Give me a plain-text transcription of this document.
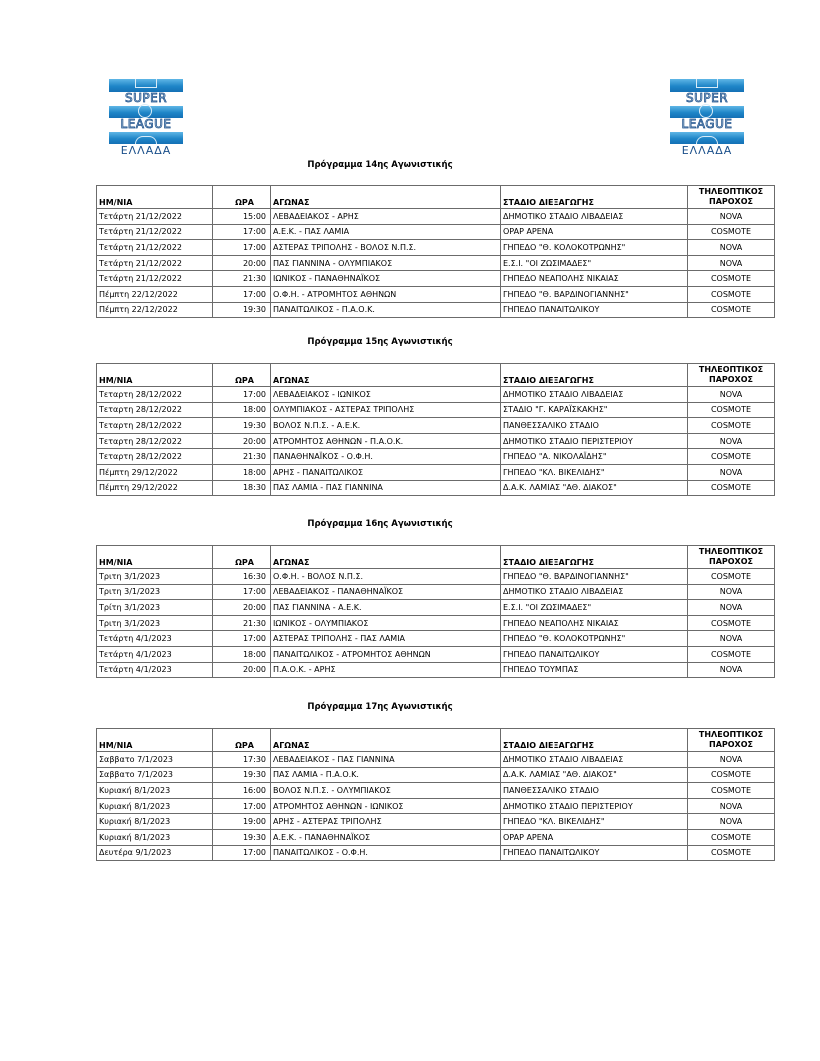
SUPER
LEAGUE
ΕΛΛΑΔΑ
SUPER
LEAGUE
ΕΛΛΑΔΑ
Πρόγραμμα 14ης Αγωνιστικής
ΗΜ/ΝΙΑ	ΩΡΑ	ΑΓΩΝΑΣ	ΣΤΑΔΙΟ ΔΙΕΞΑΓΩΓΗΣ	ΤΗΛΕΟΠΤΙΚΟΣ
ΠΑΡΟΧΟΣ

Τετάρτη 21/12/2022	15:00	ΛΕΒΑΔΕΙΑΚΟΣ - ΑΡΗΣ	ΔΗΜΟΤΙΚΟ ΣΤΑΔΙΟ ΛΙΒΑΔΕΙΑΣ	NOVA
Τετάρτη 21/12/2022	17:00	Α.Ε.Κ. - ΠΑΣ ΛΑΜΙΑ	OPAP ΑΡΕΝΑ	COSMOTE
Τετάρτη 21/12/2022	17:00	ΑΣΤΕΡΑΣ ΤΡΙΠΟΛΗΣ - ΒΟΛΟΣ Ν.Π.Σ.	ΓΗΠΕΔΟ "Θ. ΚΟΛΟΚΟΤΡΩΝΗΣ"	NOVA
Τετάρτη 21/12/2022	20:00	ΠΑΣ ΓΙΑΝΝΙΝΑ - ΟΛΥΜΠΙΑΚΟΣ	Ε.Σ.Ι. "ΟΙ ΖΩΣΙΜΑΔΕΣ"	NOVA
Τετάρτη 21/12/2022	21:30	ΙΩΝΙΚΟΣ - ΠΑΝΑΘΗΝΑΪΚΟΣ	ΓΗΠΕΔΟ ΝΕΑΠΟΛΗΣ ΝΙΚΑΙΑΣ	COSMOTE
Πέμπτη 22/12/2022	17:00	Ο.Φ.Η. - ΑΤΡΟΜΗΤΟΣ ΑΘΗΝΩΝ	ΓΗΠΕΔΟ "Θ. ΒΑΡΔΙΝΟΓΙΑΝΝΗΣ"	COSMOTE
Πέμπτη 22/12/2022	19:30	ΠΑΝΑΙΤΩΛΙΚΟΣ - Π.Α.Ο.Κ.	ΓΗΠΕΔΟ ΠΑΝΑΙΤΩΛΙΚΟΥ	COSMOTE
Πρόγραμμα 15ης Αγωνιστικής
ΗΜ/ΝΙΑ	ΩΡΑ	ΑΓΩΝΑΣ	ΣΤΑΔΙΟ ΔΙΕΞΑΓΩΓΗΣ	ΤΗΛΕΟΠΤΙΚΟΣ
ΠΑΡΟΧΟΣ

Τεταρτη 28/12/2022	17:00	ΛΕΒΑΔΕΙΑΚΟΣ - ΙΩΝΙΚΟΣ	ΔΗΜΟΤΙΚΟ ΣΤΑΔΙΟ ΛΙΒΑΔΕΙΑΣ	NOVA
Τεταρτη 28/12/2022	18:00	ΟΛΥΜΠΙΑΚΟΣ - ΑΣΤΕΡΑΣ ΤΡΙΠΟΛΗΣ	ΣΤΑΔΙΟ "Γ. ΚΑΡΑΪΣΚΑΚΗΣ"	COSMOTE
Τεταρτη 28/12/2022	19:30	ΒΟΛΟΣ Ν.Π.Σ. - Α.Ε.Κ.	ΠΑΝΘΕΣΣΑΛΙΚΟ ΣΤΑΔΙΟ	COSMOTE
Τεταρτη 28/12/2022	20:00	ΑΤΡΟΜΗΤΟΣ ΑΘΗΝΩΝ - Π.Α.Ο.Κ.	ΔΗΜΟΤΙΚΟ ΣΤΑΔΙΟ ΠΕΡΙΣΤΕΡΙΟΥ	NOVA
Τεταρτη 28/12/2022	21:30	ΠΑΝΑΘΗΝΑΪΚΟΣ - Ο.Φ.Η.	ΓΗΠΕΔΟ "Α. ΝΙΚΟΛΑΪΔΗΣ"	COSMOTE
Πέμπτη 29/12/2022	18:00	ΑΡΗΣ - ΠΑΝΑΙΤΩΛΙΚΟΣ	ΓΗΠΕΔΟ "ΚΛ. ΒΙΚΕΛΙΔΗΣ"	NOVA
Πέμπτη 29/12/2022	18:30	ΠΑΣ ΛΑΜΙΑ - ΠΑΣ ΓΙΑΝΝΙΝΑ	Δ.Α.Κ. ΛΑΜΙΑΣ "ΑΘ. ΔΙΑΚΟΣ"	COSMOTE
Πρόγραμμα 16ης Αγωνιστικής
ΗΜ/ΝΙΑ	ΩΡΑ	ΑΓΩΝΑΣ	ΣΤΑΔΙΟ ΔΙΕΞΑΓΩΓΗΣ	ΤΗΛΕΟΠΤΙΚΟΣ
ΠΑΡΟΧΟΣ

Τριτη 3/1/2023	16:30	Ο.Φ.Η. - ΒΟΛΟΣ Ν.Π.Σ.	ΓΗΠΕΔΟ "Θ. ΒΑΡΔΙΝΟΓΙΑΝΝΗΣ"	COSMOTE
Τριτη 3/1/2023	17:00	ΛΕΒΑΔΕΙΑΚΟΣ - ΠΑΝΑΘΗΝΑΪΚΟΣ	ΔΗΜΟΤΙΚΟ ΣΤΑΔΙΟ ΛΙΒΑΔΕΙΑΣ	NOVA
Τρίτη 3/1/2023	20:00	ΠΑΣ ΓΙΑΝΝΙΝΑ - Α.Ε.Κ.	Ε.Σ.Ι. "ΟΙ ΖΩΣΙΜΑΔΕΣ"	NOVA
Τριτη 3/1/2023	21:30	ΙΩΝΙΚΟΣ - ΟΛΥΜΠΙΑΚΟΣ	ΓΗΠΕΔΟ ΝΕΑΠΟΛΗΣ ΝΙΚΑΙΑΣ	COSMOTE
Τετάρτη 4/1/2023	17:00	ΑΣΤΕΡΑΣ ΤΡΙΠΟΛΗΣ - ΠΑΣ ΛΑΜΙΑ	ΓΗΠΕΔΟ "Θ. ΚΟΛΟΚΟΤΡΩΝΗΣ"	NOVA
Τετάρτη 4/1/2023	18:00	ΠΑΝΑΙΤΩΛΙΚΟΣ - ΑΤΡΟΜΗΤΟΣ ΑΘΗΝΩΝ	ΓΗΠΕΔΟ ΠΑΝΑΙΤΩΛΙΚΟΥ	COSMOTE
Τετάρτη 4/1/2023	20:00	Π.Α.Ο.Κ. - ΑΡΗΣ	ΓΗΠΕΔΟ ΤΟΥΜΠΑΣ	NOVA
Πρόγραμμα 17ης Αγωνιστικής
ΗΜ/ΝΙΑ	ΩΡΑ	ΑΓΩΝΑΣ	ΣΤΑΔΙΟ ΔΙΕΞΑΓΩΓΗΣ	ΤΗΛΕΟΠΤΙΚΟΣ
ΠΑΡΟΧΟΣ

Σαββατο 7/1/2023	17:30	ΛΕΒΑΔΕΙΑΚΟΣ - ΠΑΣ ΓΙΑΝΝΙΝΑ	ΔΗΜΟΤΙΚΟ ΣΤΑΔΙΟ ΛΙΒΑΔΕΙΑΣ	NOVA
Σαββατο 7/1/2023	19:30	ΠΑΣ ΛΑΜΙΑ - Π.Α.Ο.Κ.	Δ.Α.Κ. ΛΑΜΙΑΣ "ΑΘ. ΔΙΑΚΟΣ"	COSMOTE
Κυριακή 8/1/2023	16:00	ΒΟΛΟΣ Ν.Π.Σ. - ΟΛΥΜΠΙΑΚΟΣ	ΠΑΝΘΕΣΣΑΛΙΚΟ ΣΤΑΔΙΟ	COSMOTE
Κυριακή 8/1/2023	17:00	ΑΤΡΟΜΗΤΟΣ ΑΘΗΝΩΝ - ΙΩΝΙΚΟΣ	ΔΗΜΟΤΙΚΟ ΣΤΑΔΙΟ ΠΕΡΙΣΤΕΡΙΟΥ	NOVA
Κυριακή 8/1/2023	19:00	ΑΡΗΣ - ΑΣΤΕΡΑΣ ΤΡΙΠΟΛΗΣ	ΓΗΠΕΔΟ "ΚΛ. ΒΙΚΕΛΙΔΗΣ"	NOVA
Κυριακή 8/1/2023	19:30	Α.Ε.Κ. - ΠΑΝΑΘΗΝΑΪΚΟΣ	OPAP ΑΡΕΝΑ	COSMOTE
Δευτέρα 9/1/2023	17:00	ΠΑΝΑΙΤΩΛΙΚΟΣ - Ο.Φ.Η.	ΓΗΠΕΔΟ ΠΑΝΑΙΤΩΛΙΚΟΥ	COSMOTE
